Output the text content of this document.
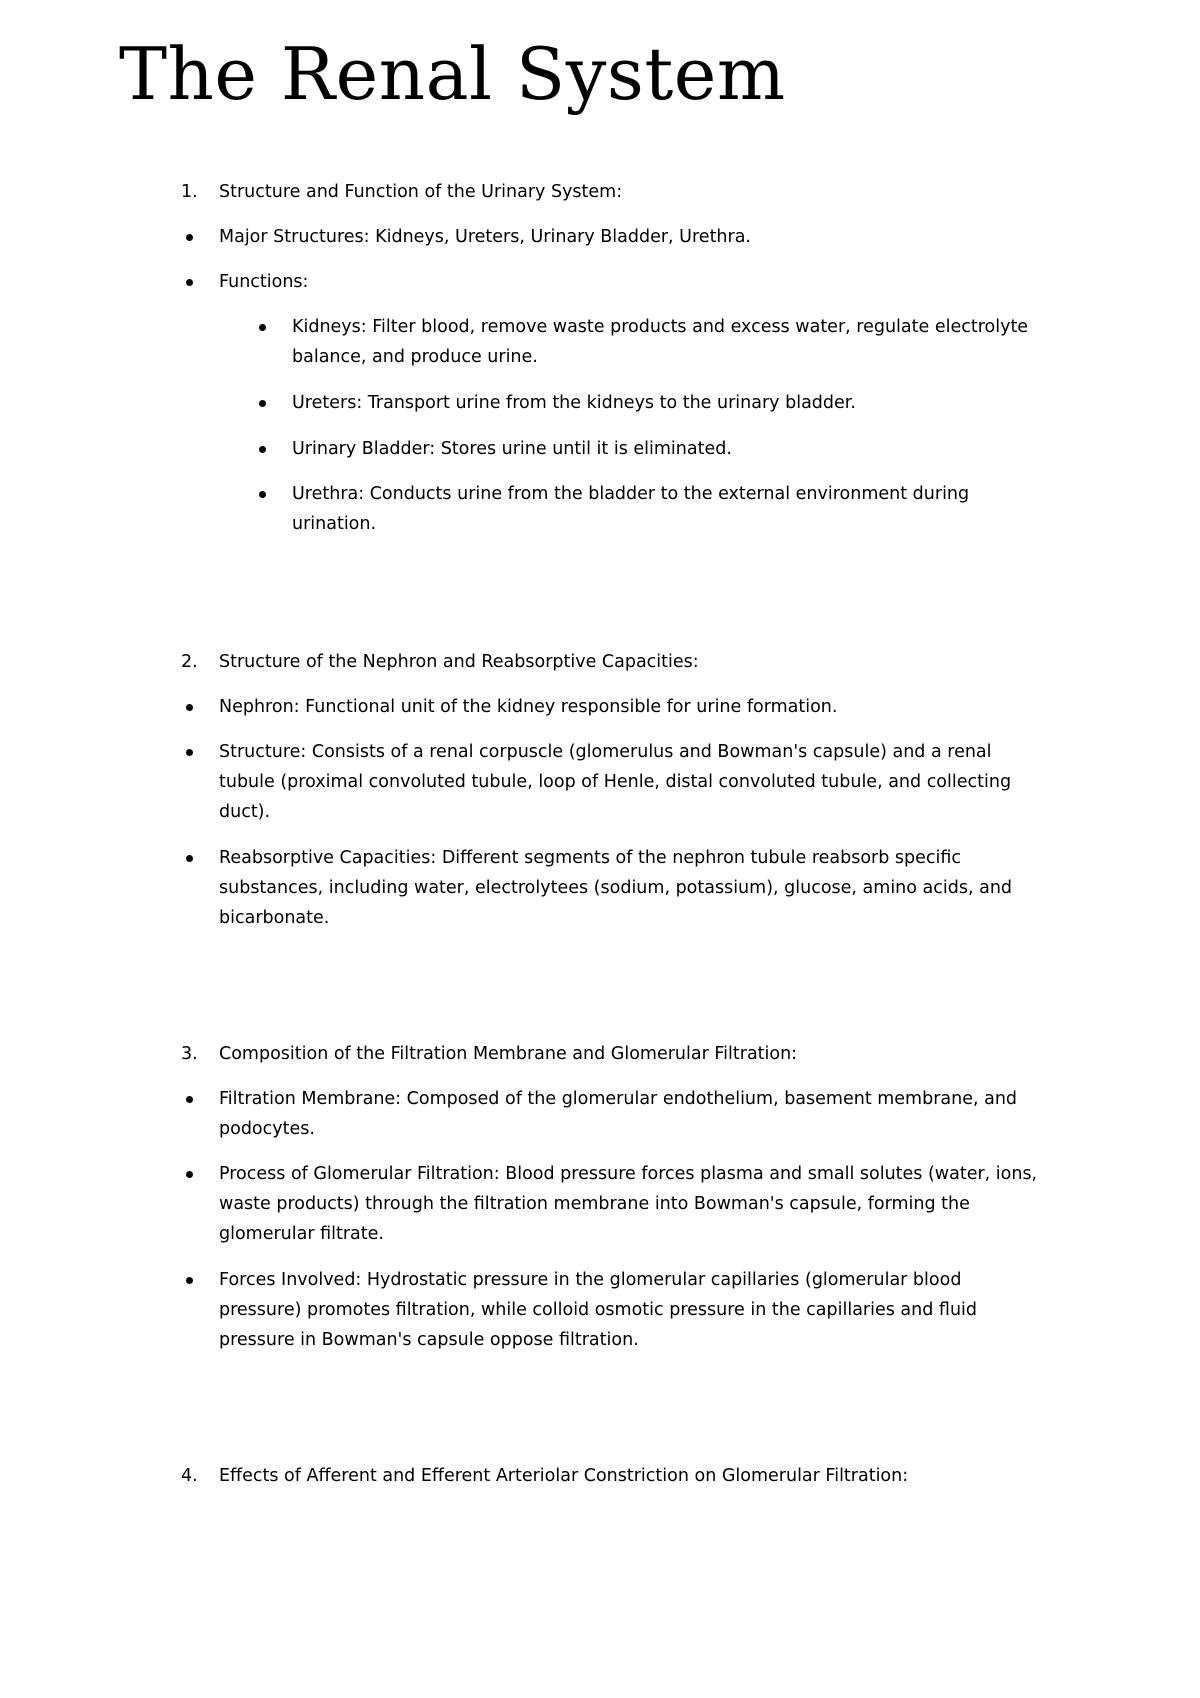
The Renal System
1. Structure and Function of the Urinary System:
Major Structures: Kidneys, Ureters, Urinary Bladder, Urethra.
Functions:
Kidneys: Filter blood, remove waste products and excess water, regulate electrolyte
balance, and produce urine.
Ureters: Transport urine from the kidneys to the urinary bladder.
Urinary Bladder: Stores urine until it is eliminated.
Urethra: Conducts urine from the bladder to the external environment during
urination.
2. Structure of the Nephron and Reabsorptive Capacities:
Nephron: Functional unit of the kidney responsible for urine formation.
Structure: Consists of a renal corpuscle (glomerulus and Bowman's capsule) and a renal
tubule (proximal convoluted tubule, loop of Henle, distal convoluted tubule, and collecting
duct).
Reabsorptive Capacities: Different segments of the nephron tubule reabsorb specific
substances, including water, electrolytees (sodium, potassium), glucose, amino acids, and
bicarbonate.
3. Composition of the Filtration Membrane and Glomerular Filtration:
Filtration Membrane: Composed of the glomerular endothelium, basement membrane, and
podocytes.
Process of Glomerular Filtration: Blood pressure forces plasma and small solutes (water, ions,
waste products) through the filtration membrane into Bowman's capsule, forming the
glomerular filtrate.
Forces Involved: Hydrostatic pressure in the glomerular capillaries (glomerular blood
pressure) promotes filtration, while colloid osmotic pressure in the capillaries and fluid
pressure in Bowman's capsule oppose filtration.
4. Effects of Afferent and Efferent Arteriolar Constriction on Glomerular Filtration:
